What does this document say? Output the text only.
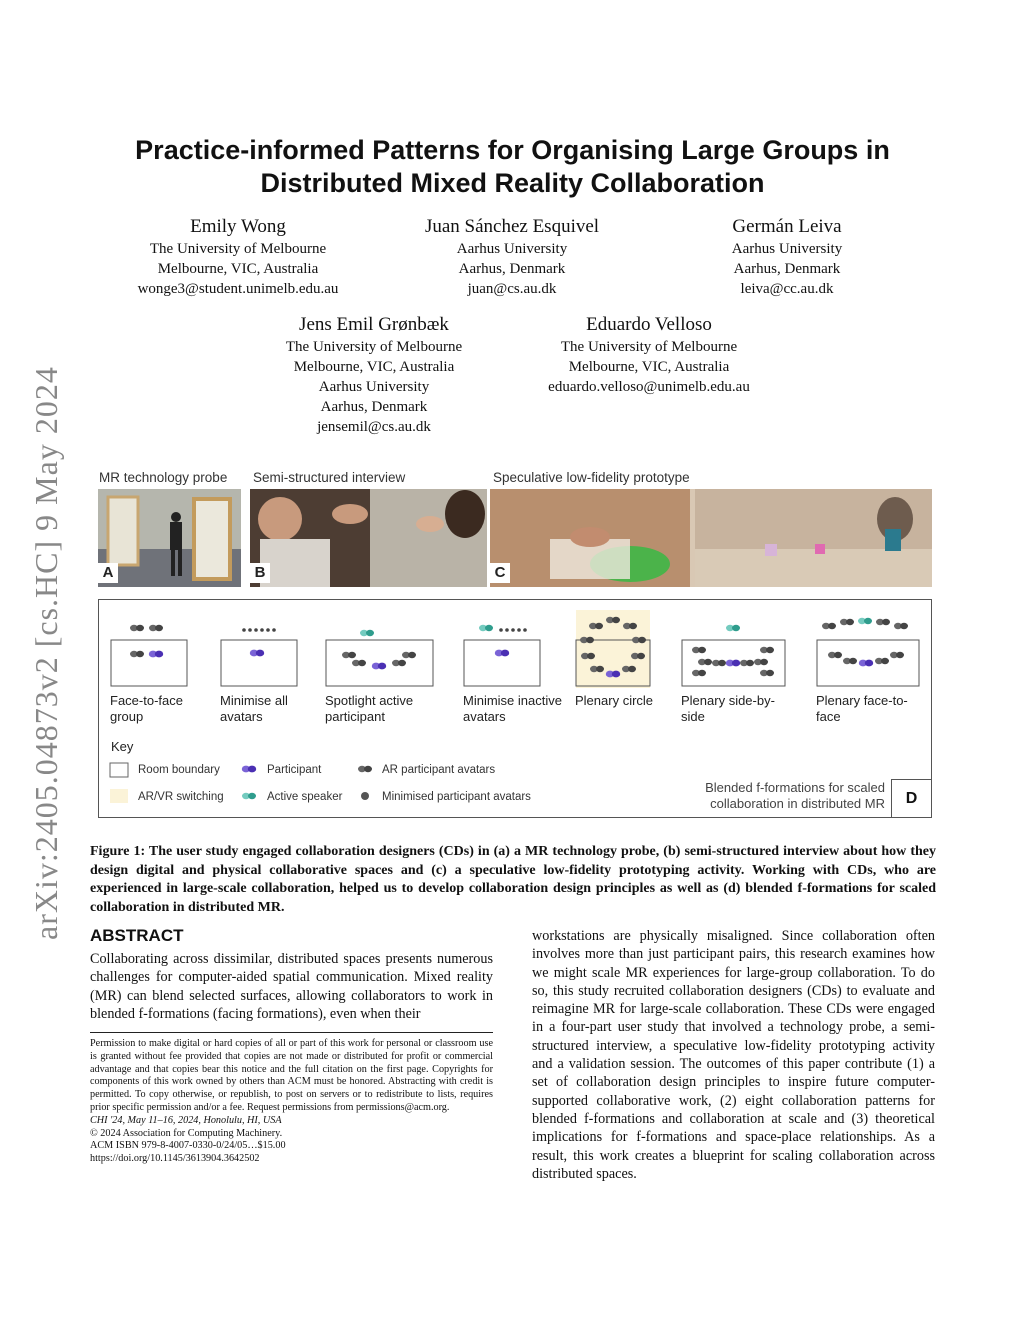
arXiv:2405.04873v2 [cs.HC] 9 May 2024
Practice-informed Patterns for Organising Large Groups in Distributed Mixed Reality Collaboration
Emily Wong
The University of Melbourne
Melbourne, VIC, Australia
wonge3@student.unimelb.edu.au
Juan Sánchez Esquivel
Aarhus University
Aarhus, Denmark
juan@cs.au.dk
Germán Leiva
Aarhus University
Aarhus, Denmark
leiva@cc.au.dk
Jens Emil Grønbæk
The University of Melbourne
Melbourne, VIC, Australia
Aarhus University
Aarhus, Denmark
jensemil@cs.au.dk
Eduardo Velloso
The University of Melbourne
Melbourne, VIC, Australia
eduardo.velloso@unimelb.edu.au
MR technology probe Semi-structured interview	Speculative low-fidelity prototype
A	B	C
Face-to-face group
Minimise all avatars
Spotlight active participant
Minimise inactive avatars
Plenary circle	Plenary side-by-side
Plenary face-to-face
Key
Room boundary	Participant	AR participant avatars
AR/VR switching	Active speaker	Minimised participant avatars
Blended f-formations for scaled collaboration in distributed MR	D
Figure 1: The user study engaged collaboration designers (CDs) in (a) a MR technology probe, (b) semi-structured interview about how they design digital and physical collaborative spaces and (c) a speculative low-fidelity prototyping activity. Working with CDs, who are experienced in large-scale collaboration, helped us to develop collaboration design principles as well as (d) blended f-formations for scaled collaboration in distributed MR.
ABSTRACT
Collaborating across dissimilar, distributed spaces presents numerous challenges for computer-aided spatial communication. Mixed reality (MR) can blend selected surfaces, allowing collaborators to work in blended f-formations (facing formations), even when their
workstations are physically misaligned. Since collaboration often involves more than just participant pairs, this research examines how we might scale MR experiences for large-group collaboration. To do so, this study recruited collaboration designers (CDs) to evaluate and reimagine MR for large-scale collaboration. These CDs were engaged in a four-part user study that involved a technology probe, a semi-structured interview, a speculative low-fidelity prototyping activity and a validation session. The outcomes of this paper contribute (1) a set of collaboration design principles to inspire future computer-supported collaborative work, (2) eight collaboration patterns for blended f-formations and collaboration at scale and (3) theoretical implications for f-formations and space-place relationships. As a result, this work creates a blueprint for scaling collaboration across distributed spaces.
Permission to make digital or hard copies of all or part of this work for personal or classroom use is granted without fee provided that copies are not made or distributed for profit or commercial advantage and that copies bear this notice and the full citation on the first page. Copyrights for components of this work owned by others than ACM must be honored. Abstracting with credit is permitted. To copy otherwise, or republish, to post on servers or to redistribute to lists, requires prior specific permission and/or a fee. Request permissions from permissions@acm.org.
CHI '24, May 11–16, 2024, Honolulu, HI, USA
© 2024 Association for Computing Machinery.
ACM ISBN 979-8-4007-0330-0/24/05…$15.00
https://doi.org/10.1145/3613904.3642502
